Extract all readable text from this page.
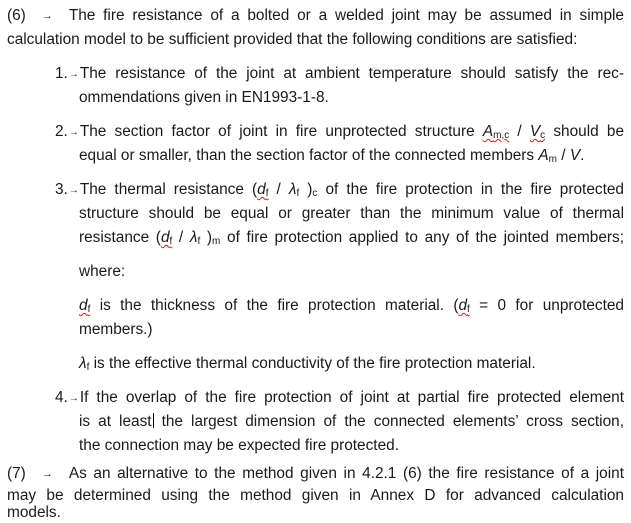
(6) → The fire resistance of a bolted or a welded joint may be assumed in simple
calculation model to be sufficient provided that the following conditions are satisfied:
1.→The resistance of the joint at ambient temperature should satisfy the rec-
ommendations given in EN1993-1-8.
2.→The section factor of joint in fire unprotected structure $A_{m,c} / V_c$ should be
equal or smaller, than the section factor of the connected members $A_m$ / V.
3.→The thermal resistance ($d_f / \lambda_f$ )$_c$ of the fire protection in the fire protected
structure should be equal or greater than the minimum value of thermal
resistance ($d_f / \lambda_f$ )$_m$ of fire protection applied to any of the jointed members;
where:
$d_f$ is the thickness of the fire protection material. ($d_f = 0$ for unprotected
members.)
$\lambda_f$ is the effective thermal conductivity of the fire protection material.
4.→If the overlap of the fire protection of joint at partial fire protected element
is at least the largest dimension of the connected elements’ cross section,
the connection may be expected fire protected.
(7) → As an alternative to the method given in 4.2.1 (6) the fire resistance of a joint
may be determined using the method given in Annex D for advanced calculation
models.
